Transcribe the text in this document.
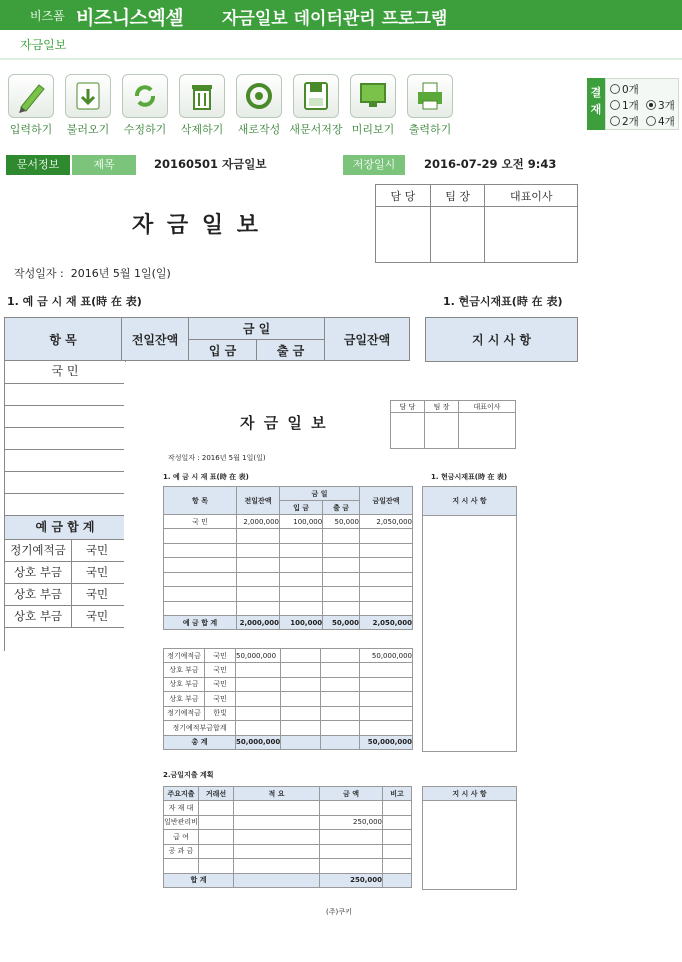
비즈폼 비즈니스엑셀 자금일보 데이터관리 프로그램
자금일보
입력하기	불러오기	수정하기	삭제하기	새로작성 새문서저장 미리보기	출력하기
결재
0개
1개	3개
2개	4개
문서정보	제목	20160501 자금일보	저장일시	2016-07-29 오전 9:43
자 금 일 보
담 당	팀 장	대표이사

작성일자 : 2016년 5월 1일(일)
1. 예 금 시 재 표(時 在 表)	1. 현금시재표(時 在 表)
항 목	전일잔액	금 일		금일잔액
		입 금	출 금	
지 시 사 항
국 민
예 금 합 계
정기예적금 국민
상호 부금 국민
상호 부금 국민
상호 부금 국민
자 금 일 보
담 당	팀 장	대표이사

작성일자 : 2016년 5월 1일(일)
1. 예 금 시 재 표(時 在 表)	1. 현금시재표(時 在 表)
항 목	전일잔액	금 일		금일잔액
		입 금	출 금	
국 민	2,000,000	100,000	50,000	2,050,000

예 금 합 계	2,000,000	100,000	50,000	2,050,000
정기예적금	국민	50,000,000			50,000,000
상호 부금	국민				
상호 부금	국민				
상호 부금	국민				
정기예적금	한빛				
정기예적부금합계					
총 계		50,000,000			50,000,000
지 시 사 항
2.금일지출 계획
주요지출	거래선	적 요	금 액	비고
자 재 대				
일반관리비			250,000	
급 여				
공 과 금				

합 계			250,000	
지 시 사 항
(주)쿠키
